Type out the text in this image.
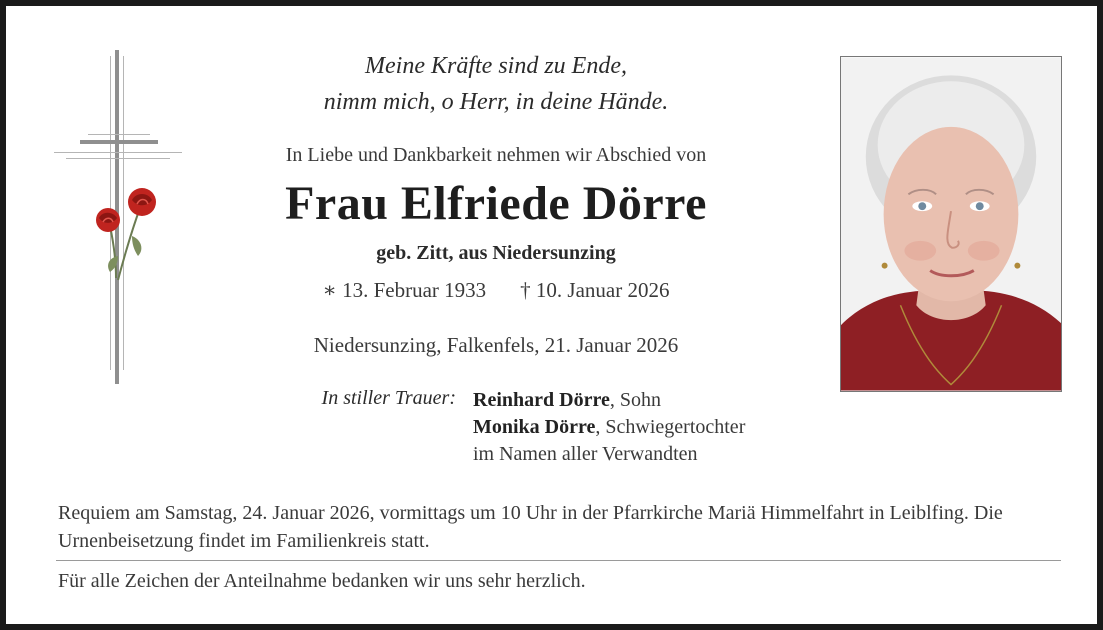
Meine Kräfte sind zu Ende,
nimm mich, o Herr, in deine Hände.
In Liebe und Dankbarkeit nehmen wir Abschied von
Frau Elfriede Dörre
geb. Zitt, aus Niedersunzing
∗ 13. Februar 1933 † 10. Januar 2026
Niedersunzing, Falkenfels, 21. Januar 2026
In stiller Trauer: Reinhard Dörre, Sohn
Monika Dörre, Schwiegertochter
im Namen aller Verwandten
Requiem am Samstag, 24. Januar 2026, vormittags um 10 Uhr in der Pfarrkirche Mariä Himmelfahrt in Leiblfing. Die Urnenbeisetzung findet im Familienkreis statt.
Für alle Zeichen der Anteilnahme bedanken wir uns sehr herzlich.
